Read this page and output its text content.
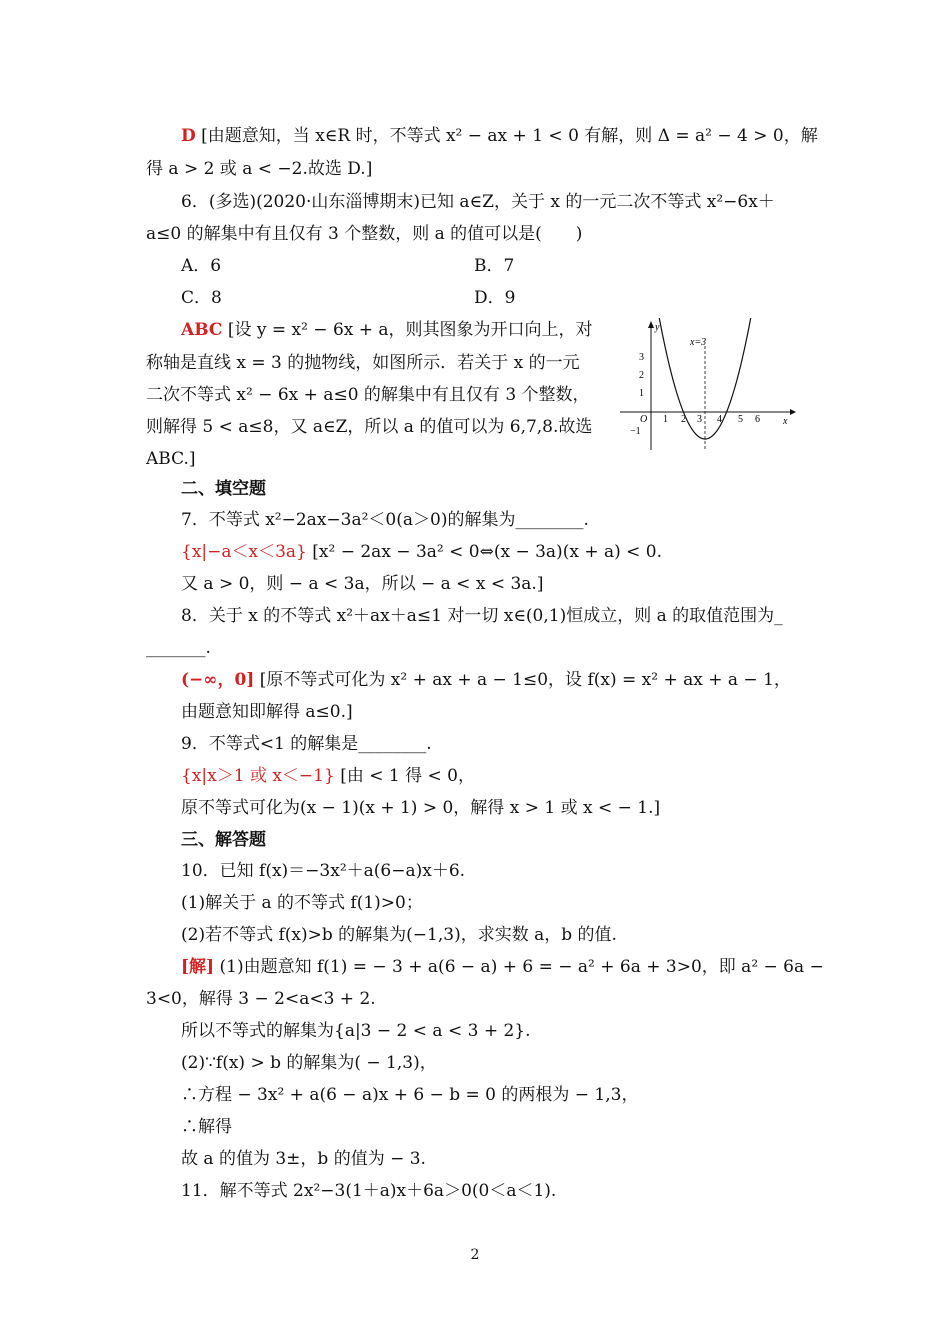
D [由题意知，当 x∈R 时，不等式 x² − ax + 1 < 0 有解，则 Δ = a² − 4 > 0，解
得 a > 2 或 a < −2.故选 D.]
6．(多选)(2020·山东淄博期末)已知 a∈Z，关于 x 的一元二次不等式 x²−6x＋
a≤0 的解集中有且仅有 3 个整数，则 a 的值可以是(　　)
A．6	B．7
C．8	D．9
ABC [设 y = x² − 6x + a，则其图象为开口向上，对
称轴是直线 x = 3 的抛物线，如图所示．若关于 x 的一元
二次不等式 x² − 6x + a≤0 的解集中有且仅有 3 个整数，
则解得 5 < a≤8，又 a∈Z，所以 a 的值可以为 6,7,8.故选
ABC.]
y
x
O 1 2 3 4 5 6
3
2
1
−1
x=3
二、填空题
7．不等式 x²−2ax−3a²＜0(a＞0)的解集为________.
{x|−a＜x＜3a} [x² − 2ax − 3a² < 0⇔(x − 3a)(x + a) < 0.
又 a > 0，则 − a < 3a，所以 − a < x < 3a.]
8．关于 x 的不等式 x²＋ax＋a≤1 对一切 x∈(0,1)恒成立，则 a 的取值范围为_
_______.
(−∞，0] [原不等式可化为 x² + ax + a − 1≤0，设 f(x) = x² + ax + a − 1，
由题意知即解得 a≤0.]
9．不等式<1 的解集是________.
{x|x＞1 或 x＜−1} [由 < 1 得 < 0，
原不等式可化为(x − 1)(x + 1) > 0，解得 x > 1 或 x < − 1.]
三、解答题
10．已知 f(x)＝−3x²＋a(6−a)x＋6.
(1)解关于 a 的不等式 f(1)>0；
(2)若不等式 f(x)>b 的解集为(−1,3)，求实数 a，b 的值.
[解] (1)由题意知 f(1) = − 3 + a(6 − a) + 6 = − a² + 6a + 3>0，即 a² − 6a −
3<0，解得 3 − 2<a<3 + 2.
所以不等式的解集为{a|3 − 2 < a < 3 + 2}.
(2)∵f(x) > b 的解集为( − 1,3)，
∴方程 − 3x² + a(6 − a)x + 6 − b = 0 的两根为 − 1,3，
∴解得
故 a 的值为 3±，b 的值为 − 3.
11．解不等式 2x²−3(1＋a)x＋6a＞0(0＜a＜1).
2
